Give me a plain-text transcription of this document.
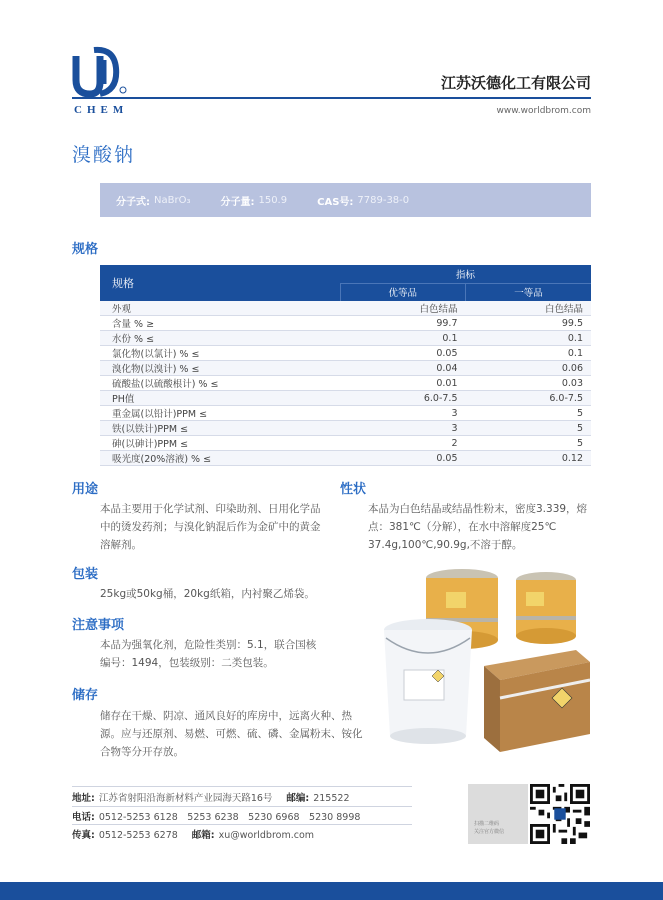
CHEM
江苏沃德化工有限公司
www.worldbrom.com
溴酸钠
分子式: NaBrO₃	分子量: 150.9	CAS号: 7789-38-0
规格
规格	指标	
	优等品	一等品
外观	白色结晶	白色结晶
含量 % ≥	99.7	99.5
水份 % ≤	0.1	0.1
氯化物(以氯计) % ≤	0.05	0.1
溴化物(以溴计) % ≤	0.04	0.06
硫酸盐(以硫酸根计) % ≤	0.01	0.03
PH值	6.0-7.5	6.0-7.5
重金属(以铅计)PPM ≤	3	5
铁(以铁计)PPM ≤	3	5
砷(以砷计)PPM ≤	2	5
吸光度(20%溶液) % ≤	0.05	0.12
用途
本品主要用于化学试剂、印染助剂、日用化学品
中的烫发药剂；与溴化钠混后作为金矿中的黄金
溶解剂。
性状
本品为白色结晶或结晶性粉末，密度3.339，熔
点：381℃（分解），在水中溶解度25℃
37.4g,100℃,90.9g,不溶于醇。
包装
25kg或50kg桶，20kg纸箱，内衬聚乙烯袋。
注意事项
本品为强氧化剂，危险性类别：5.1，联合国核
编号：1494，包装级别：二类包装。
储存
储存在干燥、阴凉、通风良好的库房中，远离火种、热
源。应与还原剂、易燃、可燃、硫、磷、金属粉末、铵化
合物等分开存放。
地址: 江苏省射阳沿海新材料产业园海天路16号 邮编: 215522
电话: 0512-5253 6128　5253 6238　5230 6968　5230 8998
传真: 0512-5253 6278 邮箱: xu@worldbrom.com
扫描二维码
关注官方微信
